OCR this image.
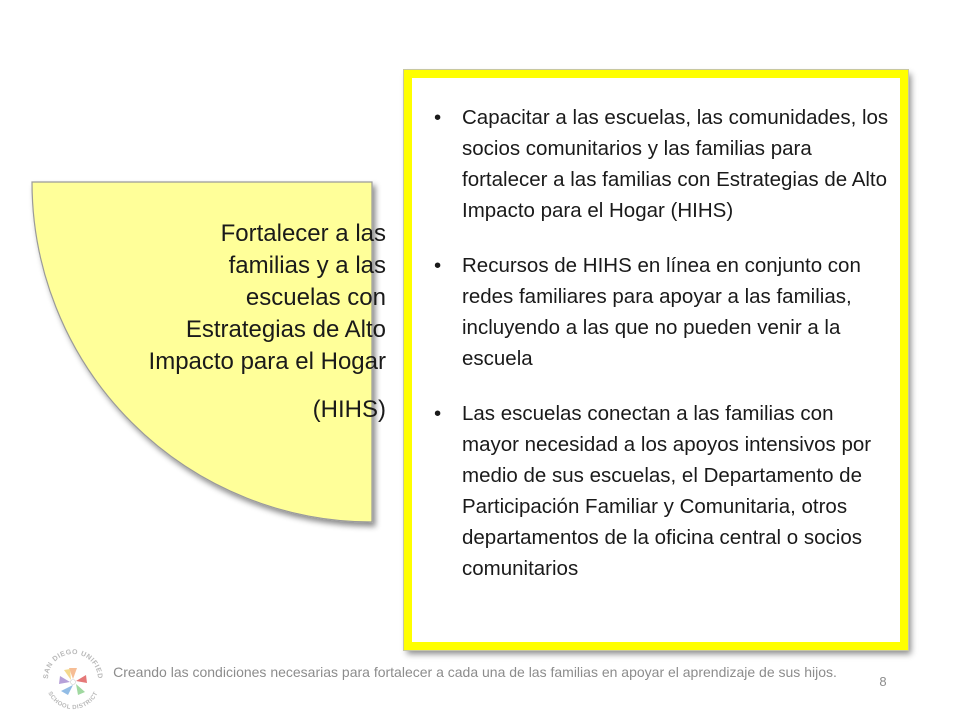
Fortalecer a las familias y a las escuelas con Estrategias de Alto Impacto para el Hogar
(HIHS)
• Capacitar a las escuelas, las comunidades, los socios comunitarios y las familias para fortalecer a las familias con Estrategias de Alto Impacto para el Hogar (HIHS)
• Recursos de HIHS en línea en conjunto con redes familiares para apoyar a las familias, incluyendo a las que no pueden venir a la escuela
• Las escuelas conectan a las familias con mayor necesidad a los apoyos intensivos por medio de sus escuelas, el Departamento de Participación Familiar y Comunitaria, otros departamentos de la oficina central o socios comunitarios
SAN DIEGO UNIFIED
SCHOOL DISTRICT
Creando las condiciones necesarias para fortalecer a cada una de las familias en apoyar el aprendizaje de sus hijos.
8
